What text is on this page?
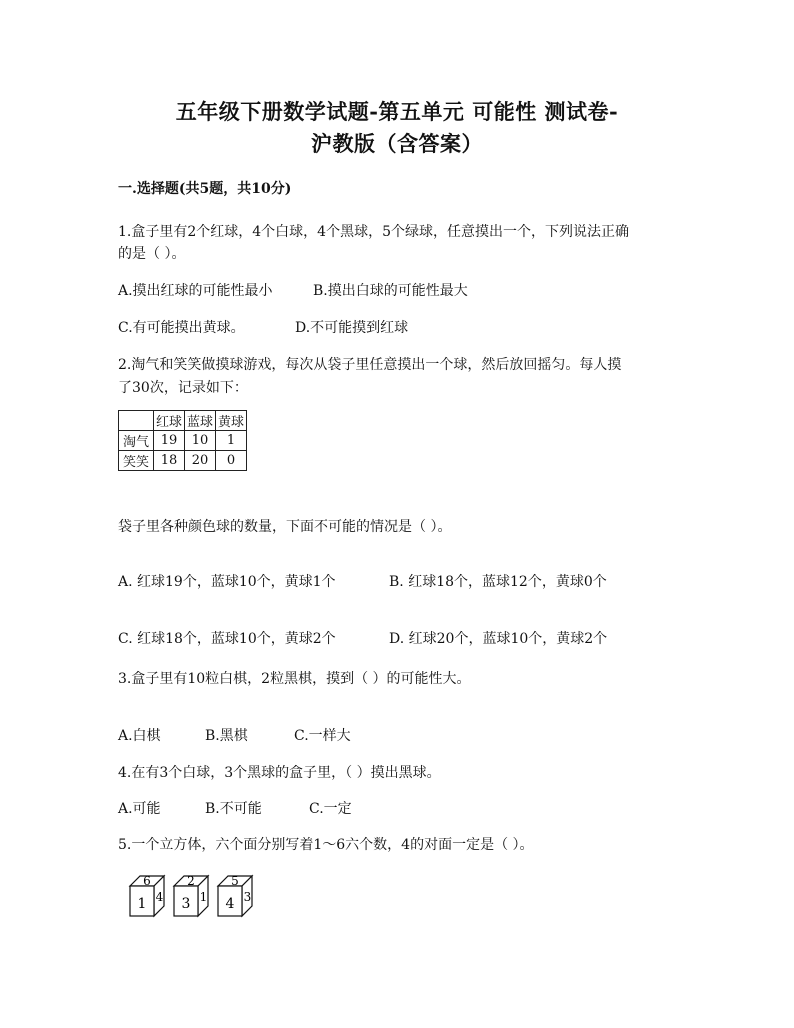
五年级下册数学试题-第五单元 可能性 测试卷-
沪教版（含答案）
一.选择题(共5题，共10分)
1.盒子里有2个红球，4个白球，4个黑球，5个绿球，任意摸出一个，下列说法正确
的是（ ）。
A.摸出红球的可能性最小	B.摸出白球的可能性最大
C.有可能摸出黄球。	D.不可能摸到红球
2.淘气和笑笑做摸球游戏，每次从袋子里任意摸出一个球，然后放回摇匀。每人摸
了30次，记录如下：
	红球	蓝球	黄球
淘气	19	10	1
笑笑	18	20	0
袋子里各种颜色球的数量，下面不可能的情况是（ ）。
A. 红球19个，蓝球10个，黄球1个	B. 红球18个，蓝球12个，黄球0个
C. 红球18个，蓝球10个，黄球2个	D. 红球20个，蓝球10个，黄球2个
3.盒子里有10粒白棋，2粒黑棋，摸到（ ）的可能性大。
A.白棋	B.黑棋	C.一样大
4.在有3个白球，3个黑球的盒子里，（ ）摸出黑球。
A.可能	B.不可能	C.一定
5.一个立方体，六个面分别写着1～6六个数，4的对面一定是（ ）。
6
1 4
2
3 1
5
4 3
